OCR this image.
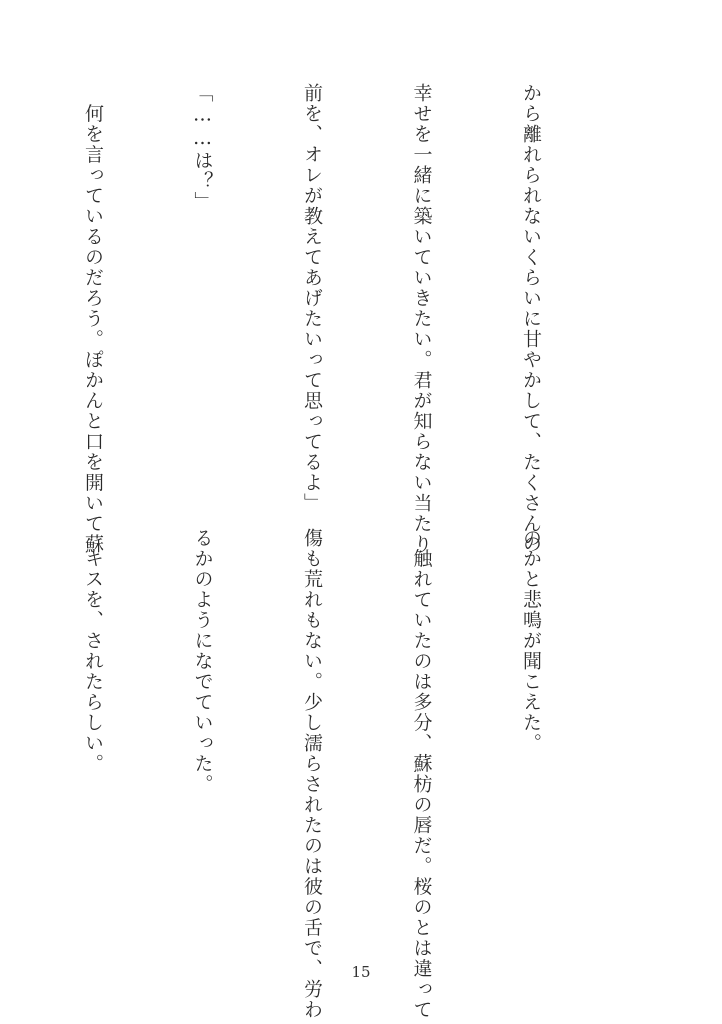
から離れられないくらいに甘やかして、たくさんの

幸せを一緒に築いていきたい。君が知らない当たり

前を、オレが教えてあげたいって思ってるよ」

「……は？」

　何を言っているのだろう。ぽかんと口を開いて蘇

のかと悲鳴が聞こえた。

　触れていたのは多分、蘇枋の唇だ。桜のとは違って

傷も荒れもない。少し濡らされたのは彼の舌で、労わ

るかのようになでていった。

　キスを、されたらしい。

15
